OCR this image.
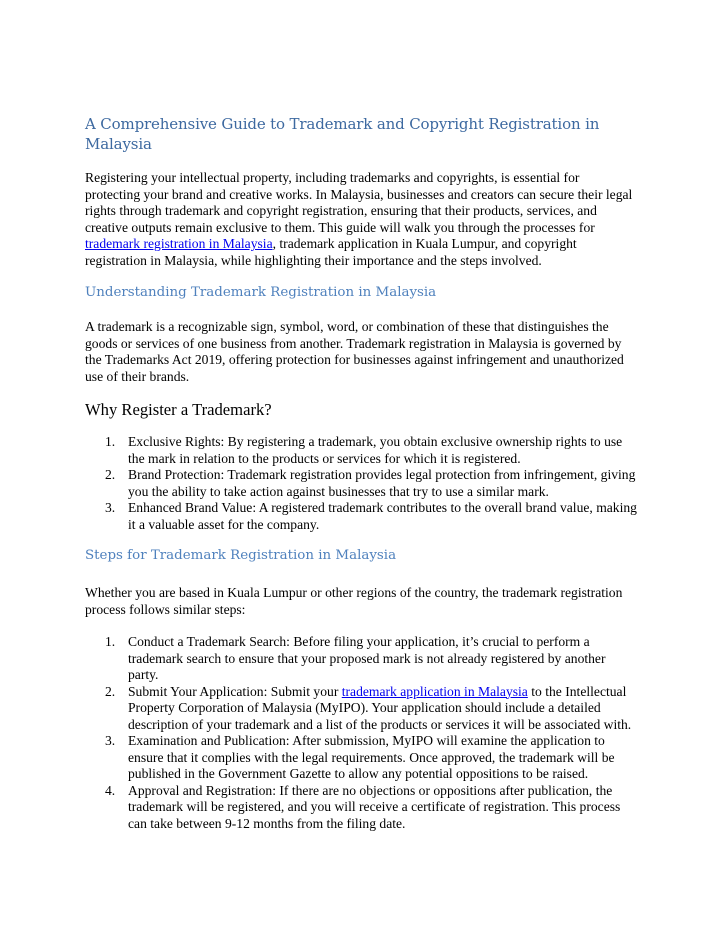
A Comprehensive Guide to Trademark and Copyright Registration in Malaysia

Registering your intellectual property, including trademarks and copyrights, is essential for protecting your brand and creative works. In Malaysia, businesses and creators can secure their legal rights through trademark and copyright registration, ensuring that their products, services, and creative outputs remain exclusive to them. This guide will walk you through the processes for trademark registration in Malaysia, trademark application in Kuala Lumpur, and copyright registration in Malaysia, while highlighting their importance and the steps involved.

Understanding Trademark Registration in Malaysia

A trademark is a recognizable sign, symbol, word, or combination of these that distinguishes the goods or services of one business from another. Trademark registration in Malaysia is governed by the Trademarks Act 2019, offering protection for businesses against infringement and unauthorized use of their brands.

Why Register a Trademark?
1. Exclusive Rights: By registering a trademark, you obtain exclusive ownership rights to use the mark in relation to the products or services for which it is registered.
2. Brand Protection: Trademark registration provides legal protection from infringement, giving you the ability to take action against businesses that try to use a similar mark.
3. Enhanced Brand Value: A registered trademark contributes to the overall brand value, making it a valuable asset for the company.
Steps for Trademark Registration in Malaysia

Whether you are based in Kuala Lumpur or other regions of the country, the trademark registration process follows similar steps:

1. Conduct a Trademark Search: Before filing your application, it’s crucial to perform a trademark search to ensure that your proposed mark is not already registered by another party.
2. Submit Your Application: Submit your trademark application in Malaysia to the Intellectual Property Corporation of Malaysia (MyIPO). Your application should include a detailed description of your trademark and a list of the products or services it will be associated with.
3. Examination and Publication: After submission, MyIPO will examine the application to ensure that it complies with the legal requirements. Once approved, the trademark will be published in the Government Gazette to allow any potential oppositions to be raised.
4. Approval and Registration: If there are no objections or oppositions after publication, the trademark will be registered, and you will receive a certificate of registration. This process can take between 9-12 months from the filing date.
